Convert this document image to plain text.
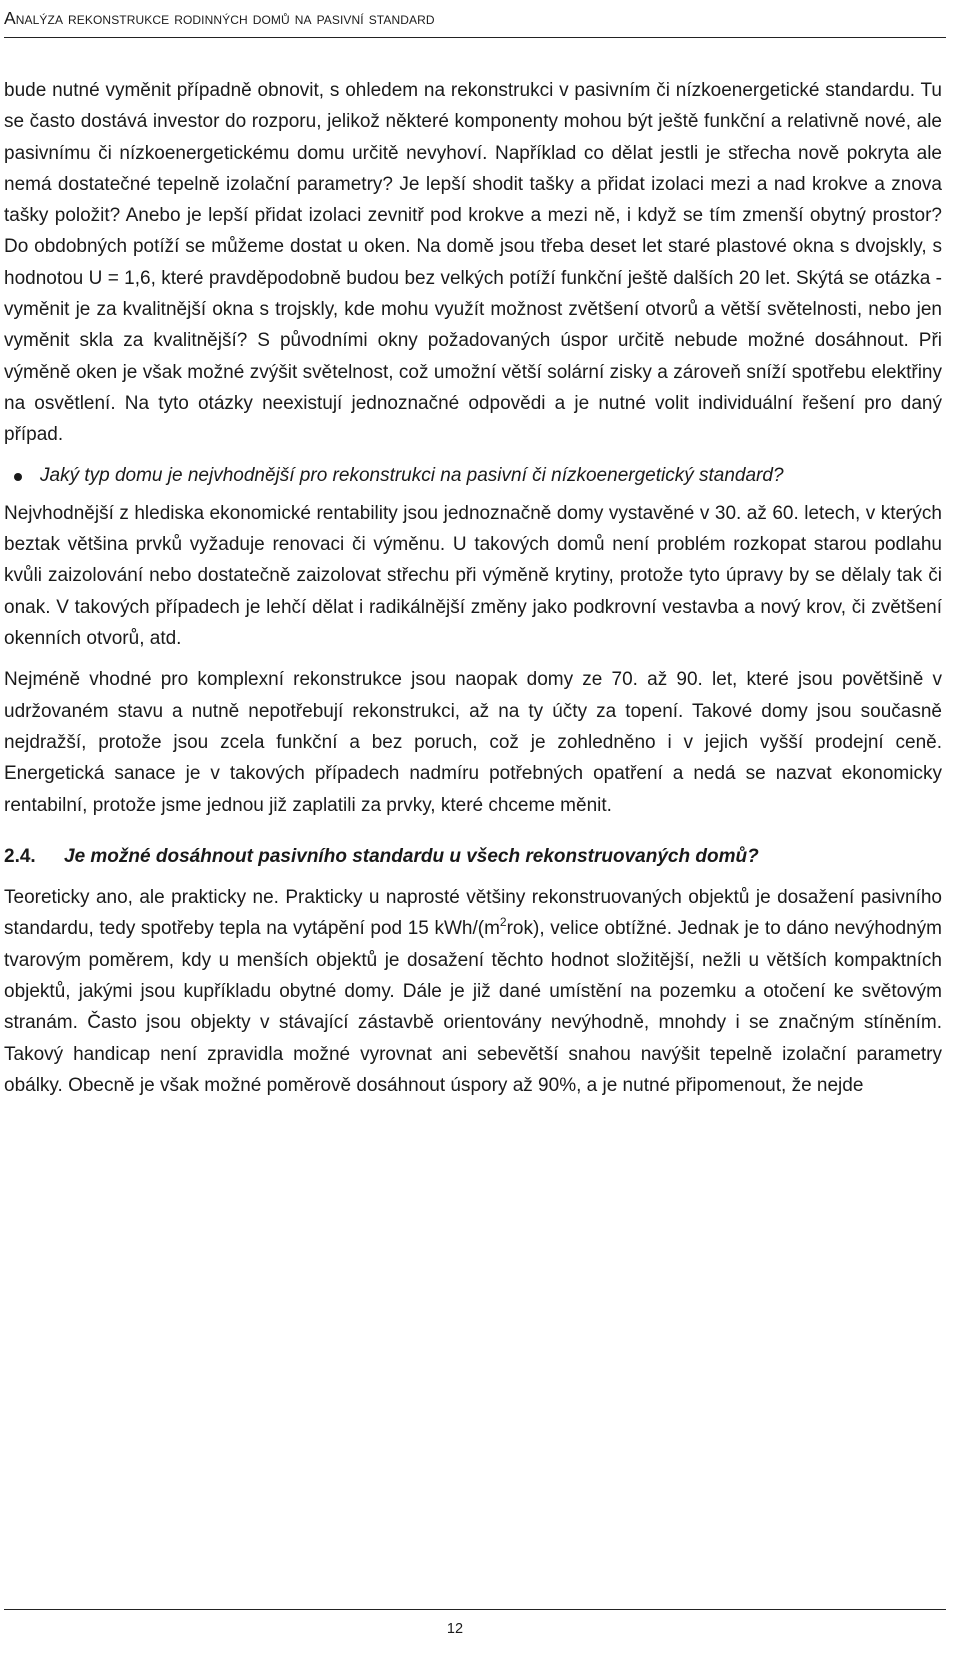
Analýza rekonstrukce rodinných domů na pasivní standard

bude nutné vyměnit případně obnovit, s ohledem na rekonstrukci v pasivním či nízkoenergetické standardu. Tu se často dostává investor do rozporu, jelikož některé komponenty mohou být ještě funkční a relativně nové, ale pasivnímu či nízkoenergetickému domu určitě nevyhoví. Například co dělat jestli je střecha nově pokryta ale nemá dostatečné tepelně izolační parametry? Je lepší shodit tašky a přidat izolaci mezi a nad krokve a znova tašky položit? Anebo je lepší přidat izolaci zevnitř pod krokve a mezi ně, i když se tím zmenší obytný prostor? Do obdobných potíží se můžeme dostat u oken. Na domě jsou třeba deset let staré plastové okna s dvojskly, s hodnotou U = 1,6, které pravděpodobně budou bez velkých potíží funkční ještě dalších 20 let. Skýtá se otázka - vyměnit je za kvalitnější okna s trojskly, kde mohu využít možnost zvětšení otvorů a větší světelnosti, nebo jen vyměnit skla za kvalitnější? S původními okny požadovaných úspor určitě nebude možné dosáhnout. Při výměně oken je však možné zvýšit světelnost, což umožní větší solární zisky a zároveň sníží spotřebu elektřiny na osvětlení. Na tyto otázky neexistují jednoznačné odpovědi a je nutné volit individuální řešení pro daný případ.

Jaký typ domu je nejvhodnější pro rekonstrukci na pasivní či nízkoenergetický standard?

Nejvhodnější z hlediska ekonomické rentability jsou jednoznačně domy vystavěné v 30. až 60. letech, v kterých beztak většina prvků vyžaduje renovaci či výměnu. U takových domů není problém rozkopat starou podlahu kvůli zaizolování nebo dostatečně zaizolovat střechu při výměně krytiny, protože tyto úpravy by se dělaly tak či onak. V takových případech je lehčí dělat i radikálnější změny jako podkrovní vestavba a nový krov, či zvětšení okenních otvorů, atd.

Nejméně vhodné pro komplexní rekonstrukce jsou naopak domy ze 70. až 90. let, které jsou povětšině v udržovaném stavu a nutně nepotřebují rekonstrukci, až na ty účty za topení. Takové domy jsou současně nejdražší, protože jsou zcela funkční a bez poruch, což je zohledněno i v jejich vyšší prodejní ceně. Energetická sanace je v takových případech nadmíru potřebných opatření a nedá se nazvat ekonomicky rentabilní, protože jsme jednou již zaplatili za prvky, které chceme měnit.

2.4. Je možné dosáhnout pasivního standardu u všech rekonstruovaných domů?

Teoreticky ano, ale prakticky ne. Prakticky u naprosté většiny rekonstruovaných objektů je dosažení pasivního standardu, tedy spotřeby tepla na vytápění pod 15 kWh/$(m^2rok)$, velice obtížné. Jednak je to dáno nevýhodným tvarovým poměrem, kdy u menších objektů je dosažení těchto hodnot složitější, nežli u větších kompaktních objektů, jakými jsou kupříkladu obytné domy. Dále je již dané umístění na pozemku a otočení ke světovým stranám. Často jsou objekty v stávající zástavbě orientovány nevýhodně, mnohdy i se značným stíněním. Takový handicap není zpravidla možné vyrovnat ani sebevětší snahou navýšit tepelně izolační parametry obálky. Obecně je však možné poměrově dosáhnout úspory až 90%, a je nutné připomenout, že nejde

12
